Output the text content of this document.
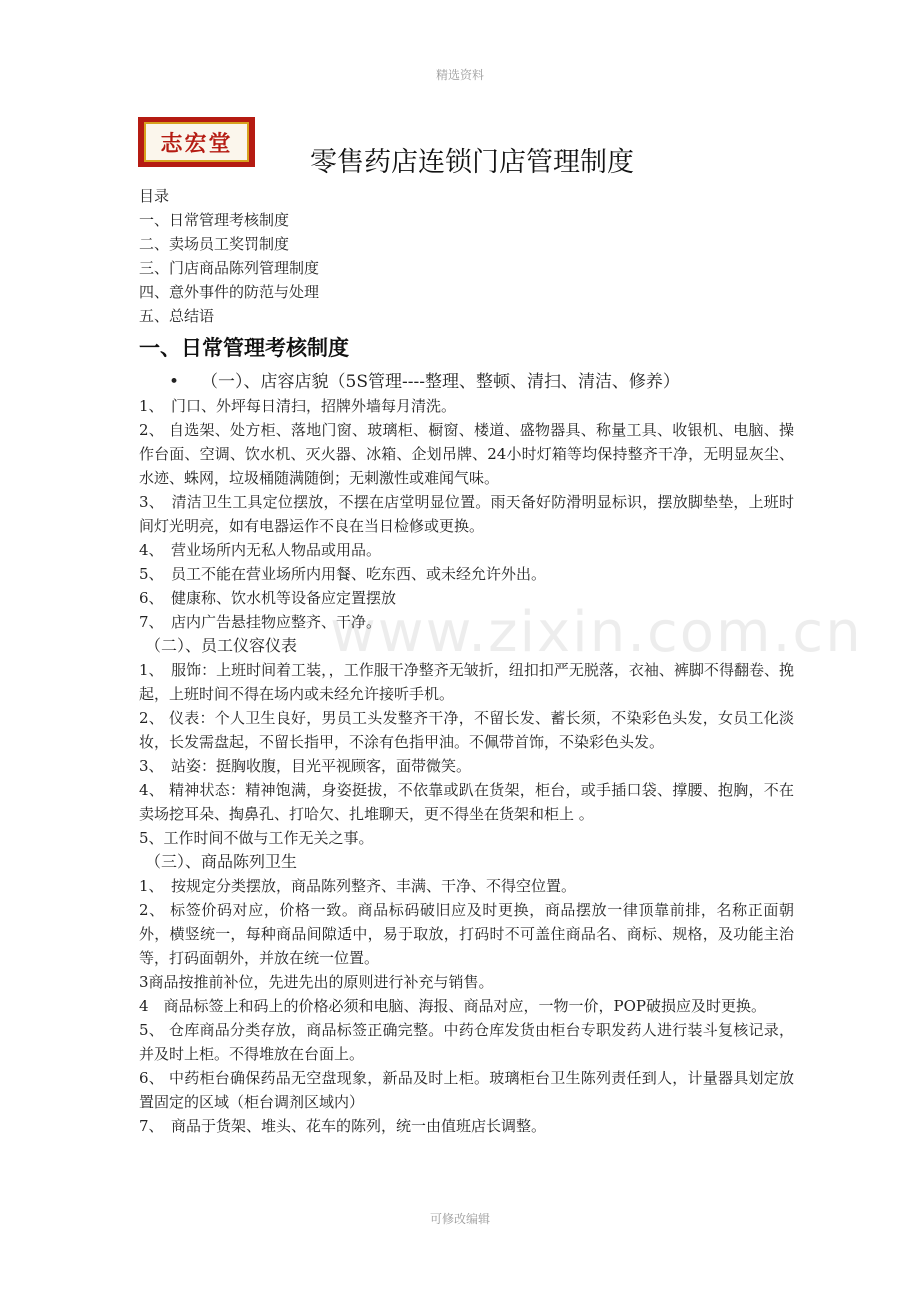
精选资料
志宏堂
零售药店连锁门店管理制度
www.zixin.com.cn
目录
一、日常管理考核制度
二、卖场员工奖罚制度
三、门店商品陈列管理制度
四、意外事件的防范与处理
五、总结语
一、日常管理考核制度
• （一）、店容店貌（5S管理----整理、整顿、清扫、清洁、修养）
1、　门口、外坪每日清扫，招牌外墙每月清洗。
2、 自选架、处方柜、落地门窗、玻璃柜、橱窗、楼道、盛物器具、称量工具、收银机、电脑、操作台面、空调、饮水机、灭火器、冰箱、企划吊牌、24小时灯箱等均保持整齐干净，无明显灰尘、水迹、蛛网，垃圾桶随满随倒；无刺激性或难闻气味。
3、　清洁卫生工具定位摆放，不摆在店堂明显位置。雨天备好防滑明显标识，摆放脚垫垫，上班时间灯光明亮，如有电器运作不良在当日检修或更换。
4、　营业场所内无私人物品或用品。
5、　员工不能在营业场所内用餐、吃东西、或未经允许外出。
6、　健康称、饮水机等设备应定置摆放
7、　店内广告悬挂物应整齐、干净。
（二）、员工仪容仪表
1、　服饰：上班时间着工装，，工作服干净整齐无皱折，纽扣扣严无脱落，衣袖、裤脚不得翻卷、挽起，上班时间不得在场内或未经允许接听手机。
2、 仪表：个人卫生良好，男员工头发整齐干净，不留长发、蓄长须，不染彩色头发，女员工化淡妆，长发需盘起，不留长指甲，不涂有色指甲油。不佩带首饰，不染彩色头发。
3、　站姿：挺胸收腹，目光平视顾客，面带微笑。
4、 精神状态：精神饱满，身姿挺拔，不依靠或趴在货架，柜台，或手插口袋、撑腰、抱胸，不在卖场挖耳朵、掏鼻孔、打哈欠、扎堆聊天，更不得坐在货架和柜上 。
5、工作时间不做与工作无关之事。
（三）、商品陈列卫生
1、　按规定分类摆放，商品陈列整齐、丰满、干净、不得空位置。
2、 标签价码对应，价格一致。商品标码破旧应及时更换，商品摆放一律顶靠前排，名称正面朝外，横竖统一，每种商品间隙适中，易于取放，打码时不可盖住商品名、商标、规格，及功能主治等，打码面朝外，并放在统一位置。
3商品按推前补位，先进先出的原则进行补充与销售。
4　商品标签上和码上的价格必须和电脑、海报、商品对应，一物一价，POP破损应及时更换。
5、 仓库商品分类存放，商品标签正确完整。中药仓库发货由柜台专职发药人进行装斗复核记录，并及时上柜。不得堆放在台面上。
6、 中药柜台确保药品无空盘现象，新品及时上柜。玻璃柜台卫生陈列责任到人，计量器具划定放置固定的区域（柜台调剂区域内）
7、　商品于货架、堆头、花车的陈列，统一由值班店长调整。
可修改编辑
